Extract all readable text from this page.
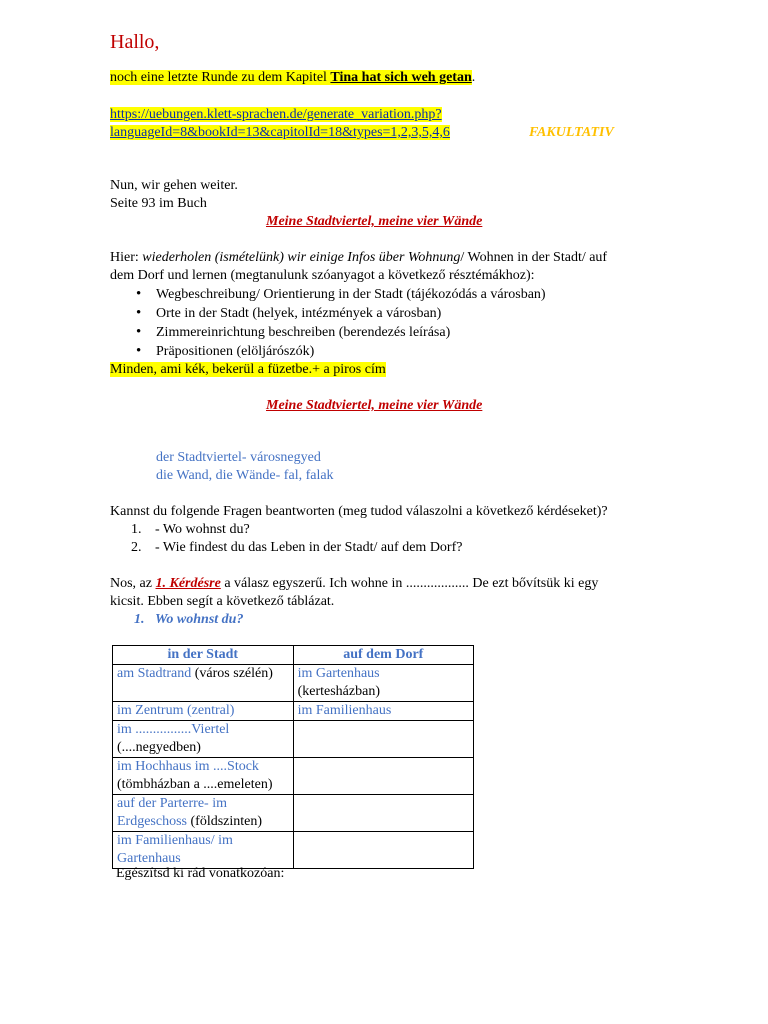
Hallo,
noch eine letzte Runde zu dem Kapitel Tina hat sich weh getan.
https://uebungen.klett-sprachen.de/generate_variation.php?
languageId=8&bookId=13&capitolId=18&types=1,2,3,5,4,6	FAKULTATIV
Nun, wir gehen weiter.
Seite 93 im Buch
Meine Stadtviertel, meine vier Wände
Hier: wiederholen (ismételünk) wir einige Infos über Wohnung/ Wohnen in der Stadt/ auf
dem Dorf und lernen (megtanulunk szóanyagot a következő résztémákhoz):
• Wegbeschreibung/ Orientierung in der Stadt (tájékozódás a városban)
• Orte in der Stadt (helyek, intézmények a városban)
• Zimmereinrichtung beschreiben (berendezés leírása)
• Präpositionen (elöljárószók)
Minden, ami kék, bekerül a füzetbe.+ a piros cím
Meine Stadtviertel, meine vier Wände
der Stadtviertel- városnegyed
die Wand, die Wände- fal, falak
Kannst du folgende Fragen beantworten (meg tudod válaszolni a következő kérdéseket)?
1. - Wo wohnst du?
2. - Wie findest du das Leben in der Stadt/ auf dem Dorf?
Nos, az 1. Kérdésre a válasz egyszerű. Ich wohne in .................. De ezt bővítsük ki egy
kicsit. Ebben segít a következő táblázat.
1. Wo wohnst du?
in der Stadt	auf dem Dorf
am Stadtrand (város szélén)	im Gartenhaus
(kertesházban)
im Zentrum (zentral)	im Familienhaus
im ................Viertel
(....negyedben)	
im Hochhaus im ....Stock
(tömbházban a ....emeleten)	
auf der Parterre- im
Erdgeschoss (földszinten)	
im Familienhaus/ im
Gartenhaus	
Egészítsd ki rád vonatkozóan:
